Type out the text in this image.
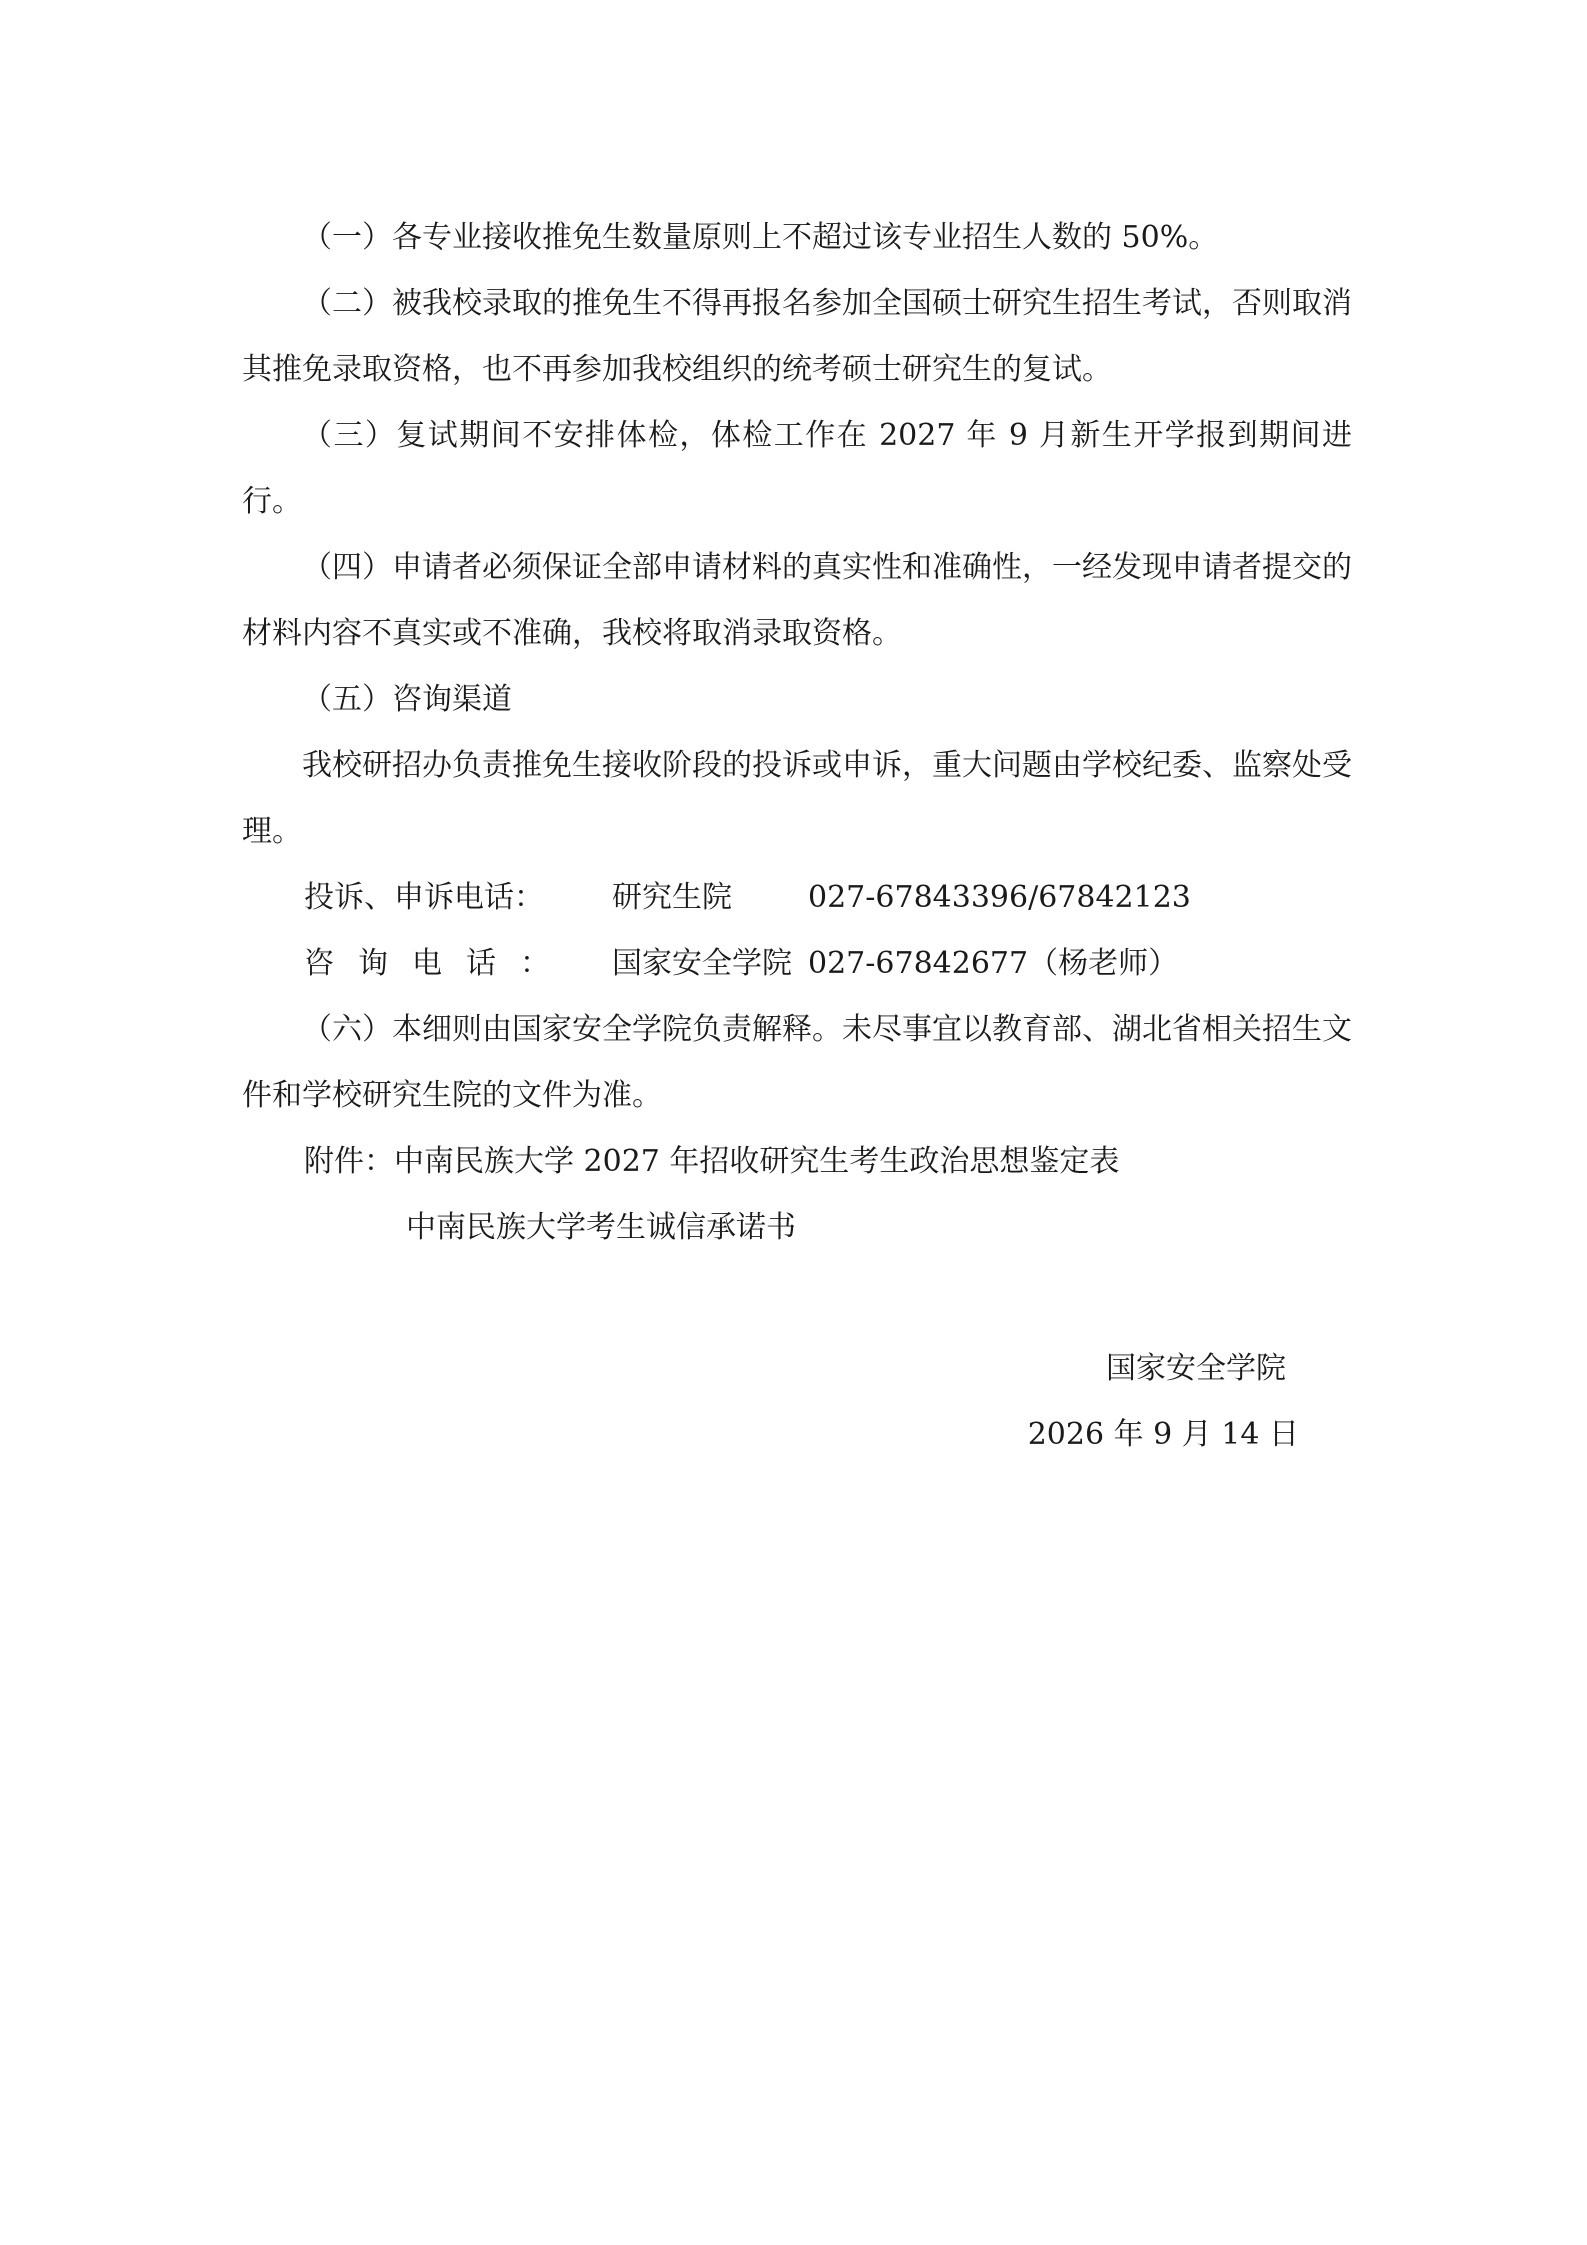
（一）各专业接收推免生数量原则上不超过该专业招生人数的 50%。

（二）被我校录取的推免生不得再报名参加全国硕士研究生招生考试，否则取消其推免录取资格，也不再参加我校组织的统考硕士研究生的复试。

（三）复试期间不安排体检，体检工作在 2027 年 9 月新生开学报到期间进行。

（四）申请者必须保证全部申请材料的真实性和准确性，一经发现申请者提交的材料内容不真实或不准确，我校将取消录取资格。

（五）咨询渠道

我校研招办负责推免生接收阶段的投诉或申诉，重大问题由学校纪委、监察处受理。

投诉、申诉电话：	研究生院	027-67843396/67842123
咨询电话：	国家安全学院 027-67842677（杨老师）

（六）本细则由国家安全学院负责解释。未尽事宜以教育部、湖北省相关招生文件和学校研究生院的文件为准。

附件：中南民族大学 2027 年招收研究生考生政治思想鉴定表
中南民族大学考生诚信承诺书
国家安全学院
2026 年 9 月 14 日
